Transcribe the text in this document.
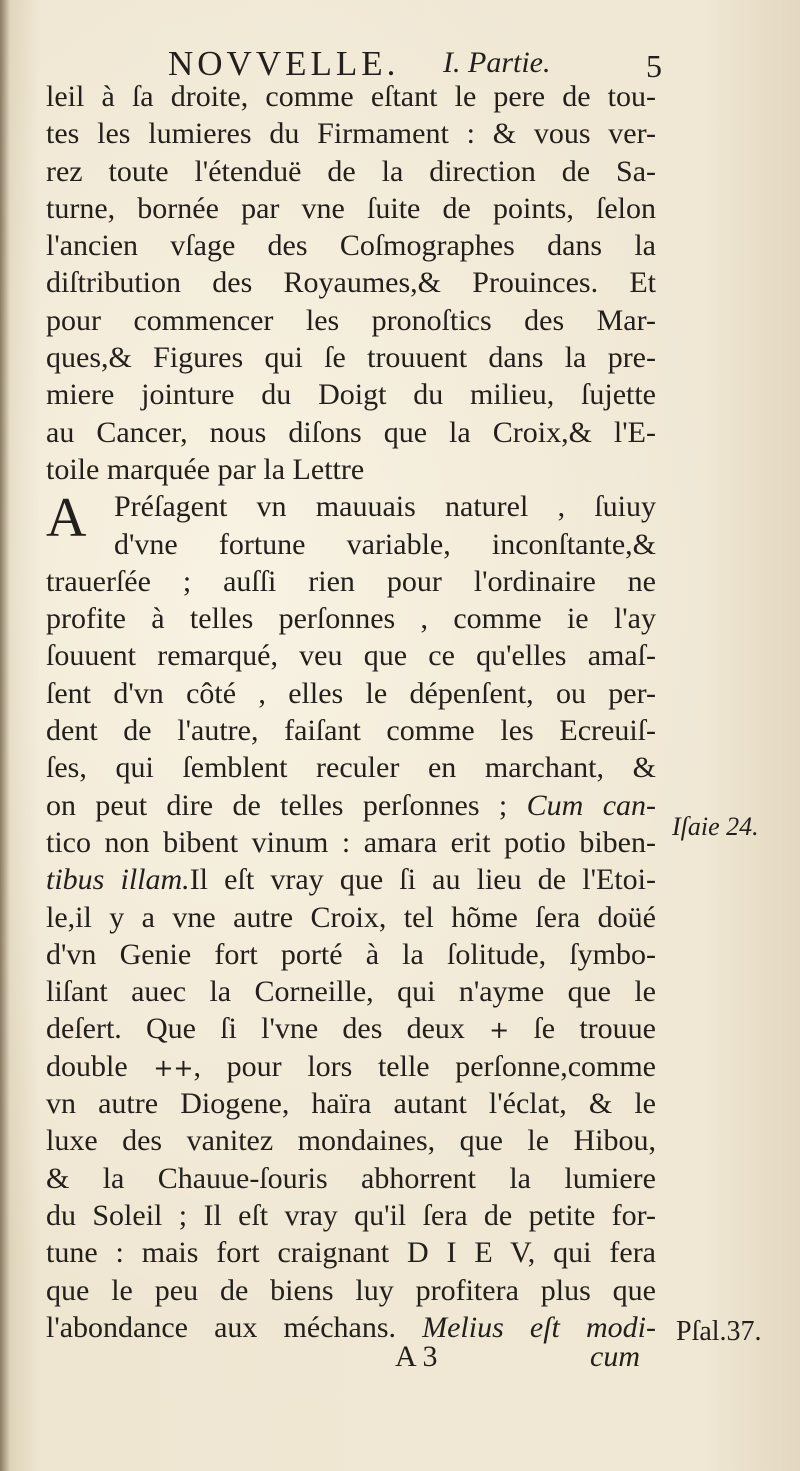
NOVVELLE. I. Partie.	5
leil à ſa droite, comme eſtant le pere de tou-
tes les lumieres du Firmament : & vous ver-
rez toute l'étenduë de la direction de Sa-
turne, bornée par vne ſuite de points, ſelon
l'ancien vſage des Coſmographes dans la
diſtribution des Royaumes,& Prouinces. Et
pour commencer les pronoſtics des Mar-
ques,& Figures qui ſe trouuent dans la pre-
miere jointure du Doigt du milieu, ſujette
au Cancer, nous diſons que la Croix,& l'E-
toile marquée par la Lettre
A Préſagent vn mauuais naturel , ſuiuy
d'vne fortune variable, inconſtante,&
trauerſée ; auſſi rien pour l'ordinaire ne
profite à telles perſonnes , comme ie l'ay
ſouuent remarqué, veu que ce qu'elles amaſ-
ſent d'vn côté , elles le dépenſent, ou per-
dent de l'autre, faiſant comme les Ecreuiſ-
ſes, qui ſemblent reculer en marchant, &
on peut dire de telles perſonnes ; Cum can-
tico non bibent vinum : amara erit potio biben-
tibus illam.Il eſt vray que ſi au lieu de l'Etoi-
le,il y a vne autre Croix, tel hõme ſera doüé
d'vn Genie fort porté à la ſolitude, ſymbo-
liſant auec la Corneille, qui n'ayme que le
deſert. Que ſi l'vne des deux + ſe trouue
double ++, pour lors telle perſonne,comme
vn autre Diogene, haïra autant l'éclat, & le
luxe des vanitez mondaines, que le Hibou,
& la Chauue-ſouris abhorrent la lumiere
du Soleil ; Il eſt vray qu'il ſera de petite for-
tune : mais fort craignant D I E V, qui fera
que le peu de biens luy profitera plus que
l'abondance aux méchans. Melius eſt modi-
Iſaie 24.
Pſal.37.
A 3	cum
